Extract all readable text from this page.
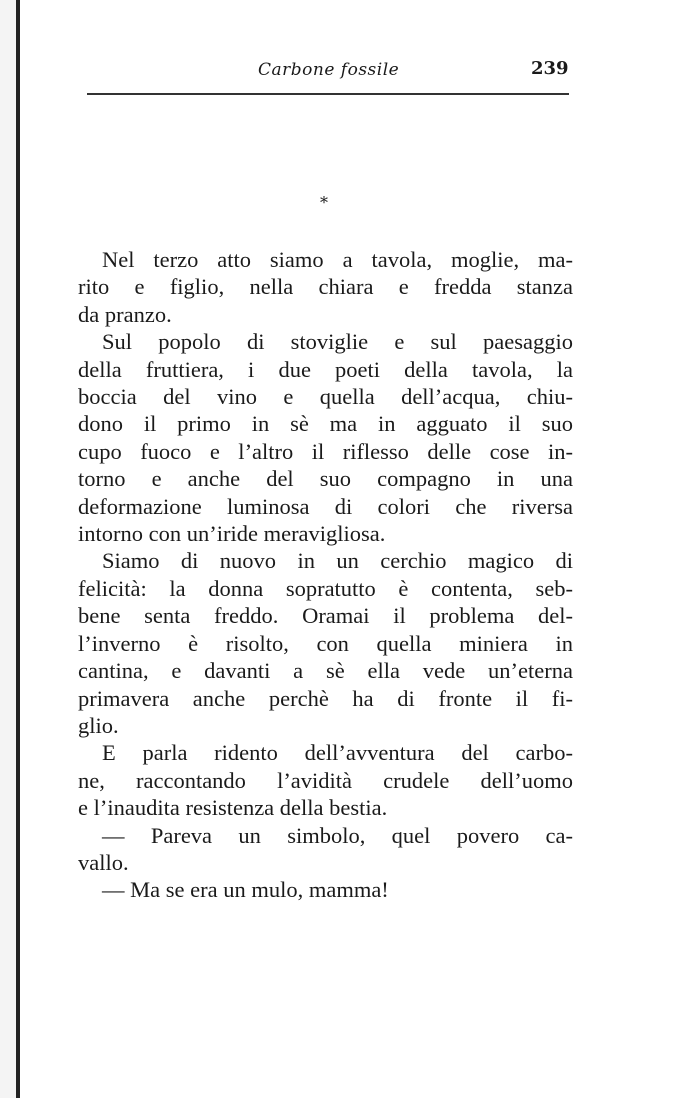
Carbone fossile	239
*
Nel terzo atto siamo a tavola, moglie, ma-
rito e figlio, nella chiara e fredda stanza
da pranzo.
Sul popolo di stoviglie e sul paesaggio
della fruttiera, i due poeti della tavola, la
boccia del vino e quella dell’acqua, chiu-
dono il primo in sè ma in agguato il suo
cupo fuoco e l’altro il riflesso delle cose in-
torno e anche del suo compagno in una
deformazione luminosa di colori che riversa
intorno con un’iride meravigliosa.
Siamo di nuovo in un cerchio magico di
felicità: la donna sopratutto è contenta, seb-
bene senta freddo. Oramai il problema del-
l’inverno è risolto, con quella miniera in
cantina, e davanti a sè ella vede un’eterna
primavera anche perchè ha di fronte il fi-
glio.
E parla ridento dell’avventura del carbo-
ne, raccontando l’avidità crudele dell’uomo
e l’inaudita resistenza della bestia.
— Pareva un simbolo, quel povero ca-
vallo.
— Ma se era un mulo, mamma!
